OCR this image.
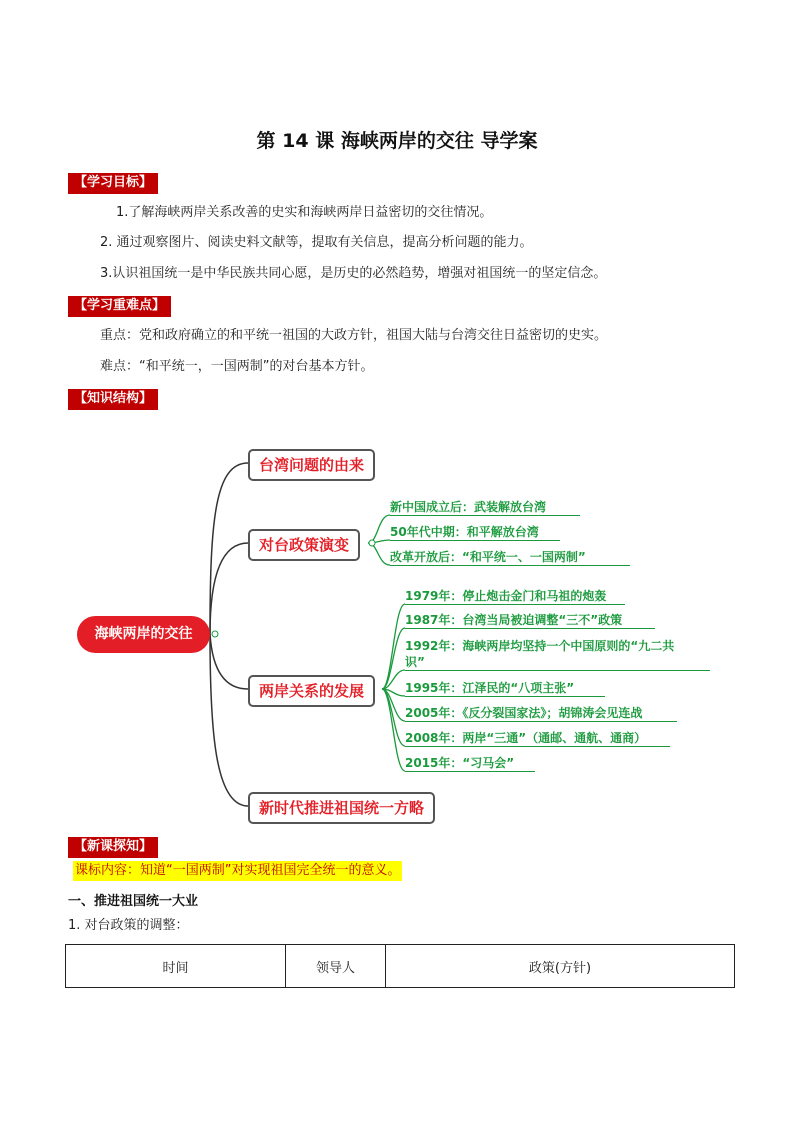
第 14 课 海峡两岸的交往 导学案
【学习目标】
1.了解海峡两岸关系改善的史实和海峡两岸日益密切的交往情况。
2. 通过观察图片、阅读史料文献等，提取有关信息，提高分析问题的能力。
3.认识祖国统一是中华民族共同心愿，是历史的必然趋势，增强对祖国统一的坚定信念。
【学习重难点】
重点：党和政府确立的和平统一祖国的大政方针，祖国大陆与台湾交往日益密切的史实。
难点：“和平统一，一国两制”的对台基本方针。
【知识结构】
海峡两岸的交往
台湾问题的由来
对台政策演变
两岸关系的发展
新时代推进祖国统一方略
新中国成立后：武装解放台湾
50年代中期：和平解放台湾
改革开放后：“和平统一、一国两制”
1979年：停止炮击金门和马祖的炮轰
1987年：台湾当局被迫调整“三不”政策
1992年：海峡两岸均坚持一个中国原则的“九二共
识”
1995年：江泽民的“八项主张”
2005年：《反分裂国家法》；胡锦涛会见连战
2008年：两岸“三通”（通邮、通航、通商）
2015年：“习马会”
【新课探知】
课标内容：知道“一国两制”对实现祖国完全统一的意义。
一、推进祖国统一大业
1. 对台政策的调整：
时间	领导人	政策(方针)
